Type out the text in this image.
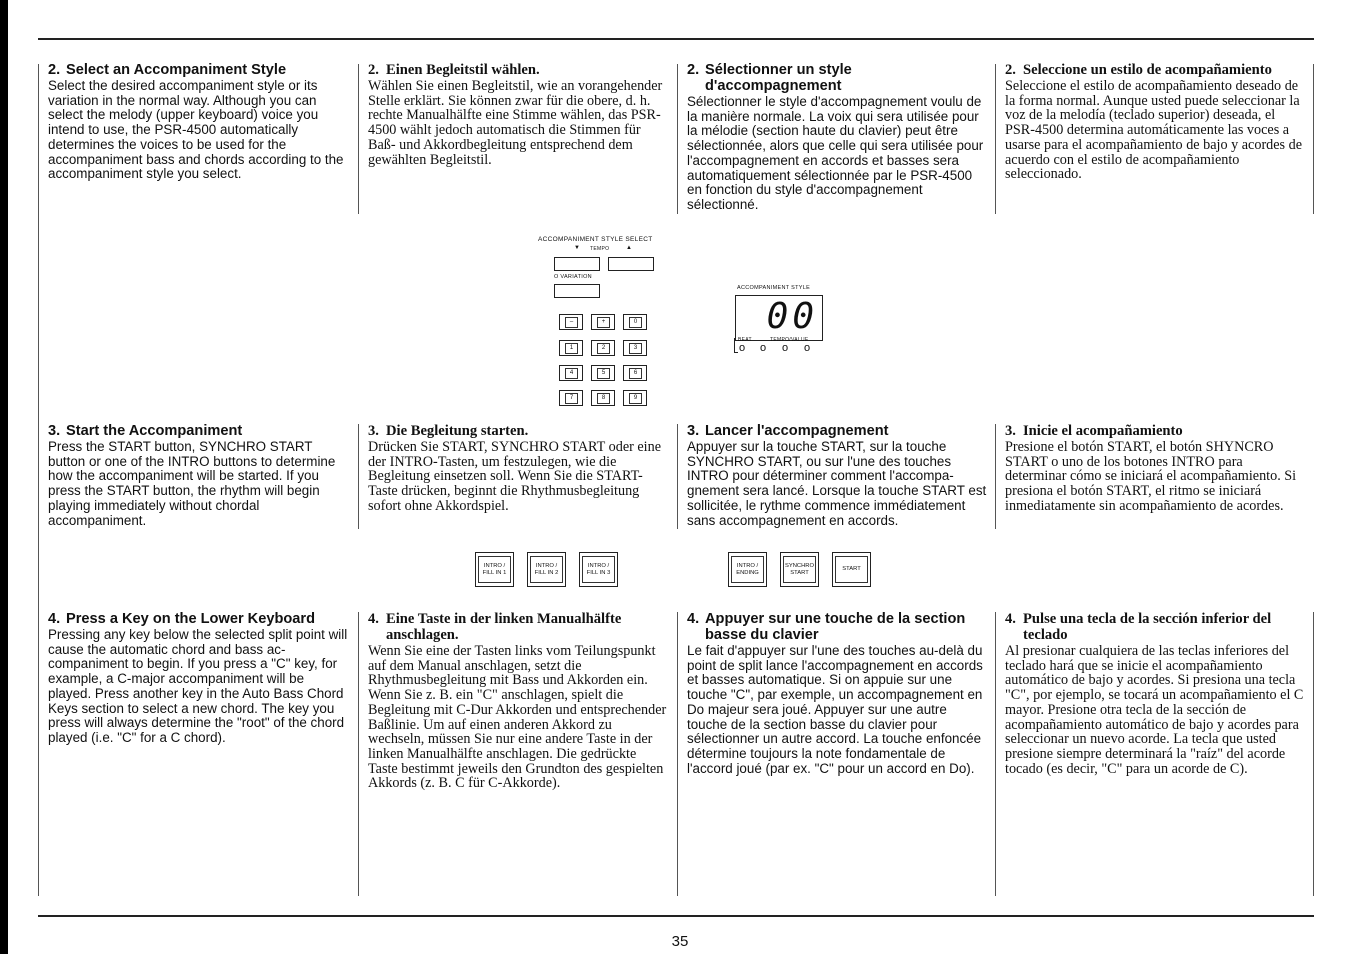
2. Select an Accompaniment Style

Select the desired accompaniment style or its variation in the normal way. Although you can select the melody (upper keyboard) voice you intend to use, the PSR-4500 automatically determines the voices to be used for the accompaniment bass and chords according to the accompaniment style you select.

2. Einen Begleitstil wählen.

Wählen Sie einen Begleitstil, wie an vorangehender Stelle erklärt. Sie können zwar für die obere, d. h. rechte Manualhälfte eine Stimme wählen, das PSR-4500 wählt jedoch automatisch die Stimmen für Baß- und Akkordbegleitung entsprechend dem gewählten Begleitstil.

2. Sélectionner un style
d'accompagnement

Sélectionner le style d'accompagnement voulu de la manière normale. La voix qui sera utilisée pour la mélodie (section haute du clavier) peut être sélectionnée, alors que celle qui sera utilisée pour l'accompagnement en accords et basses sera automatiquement sélectionnée par le PSR-4500 en fonction du style d'accompagnement sélectionné.

2. Seleccione un estilo de acompañamiento

Seleccione el estilo de acompañamiento deseado de la forma normal. Aunque usted puede seleccionar la voz de la melodía (teclado superior) deseada, el PSR-4500 determina automáticamente las voces a usarse para el acompañamiento de bajo y acordes de acuerdo con el estilo de acompañamiento seleccionado.

ACCOMPANIMENT STYLE SELECT
▼ TEMPO	▲
O VARIATION
–	+	0
1	2	3
4	5	6
7	8	9
ACCOMPANIMENT STYLE
00
BEAT	TEMPO/VALUE
o o o o
3. Start the Accompaniment

Press the START button, SYNCHRO START button or one of the INTRO buttons to determine how the accompaniment will be started. If you press the START button, the rhythm will begin playing immediately without chordal accompaniment.

3. Die Begleitung starten.

Drücken Sie START, SYNCHRO START oder eine der INTRO-Tasten, um festzulegen, wie die Begleitung einsetzen soll. Wenn Sie die START-Taste drücken, beginnt die Rhythmusbegleitung sofort ohne Akkordspiel.

3. Lancer l'accompagnement

Appuyer sur la touche START, sur la touche SYNCHRO START, ou sur l'une des touches INTRO pour déterminer comment l'accompagnement sera lancé. Lorsque la touche START est sollicitée, le rythme commence immédiatement sans accompagnement en accords.

3. Inicie el acompañamiento

Presione el botón START, el botón SHYNCRO START o uno de los botones INTRO para determinar cómo se iniciará el acompañamiento. Si presiona el botón START, el ritmo se iniciará inmediatamente sin acompañamiento de acordes.

INTRO / FILL IN 1
INTRO / FILL IN 2
INTRO / FILL IN 3
INTRO / ENDING
SYNCHRO START
START
4. Press a Key on the Lower Keyboard

Pressing any key below the selected split point will cause the automatic chord and bass accompaniment to begin. If you press a "C" key, for example, a C-major accompaniment will be played. Press another key in the Auto Bass Chord Keys section to select a new chord. The key you press will always determine the "root" of the chord played (i.e. "C" for a C chord).

4. Eine Taste in der linken Manualhälfte
anschlagen.

Wenn Sie eine der Tasten links vom Teilungspunkt auf dem Manual anschlagen, setzt die Rhythmusbegleitung mit Bass und Akkorden ein. Wenn Sie z. B. ein "C" anschlagen, spielt die Begleitung mit C-Dur Akkorden und entsprechender Baßlinie. Um auf einen anderen Akkord zu wechseln, müssen Sie nur eine andere Taste in der linken Manualhälfte anschlagen. Die gedrückte Taste bestimmt jeweils den Grundton des gespielten Akkords (z. B. C für C-Akkorde).

4. Appuyer sur une touche de la section
basse du clavier

Le fait d'appuyer sur l'une des touches au-delà du point de split lance l'accompagnement en accords et basses automatique. Si on appuie sur une touche "C", par exemple, un accompagnement en Do majeur sera joué. Appuyer sur une autre touche de la section basse du clavier pour sélectionner un autre accord. La touche enfoncée détermine toujours la note fondamentale de l'accord joué (par ex. "C" pour un accord en Do).

4. Pulse una tecla de la sección inferior del
teclado

Al presionar cualquiera de las teclas inferiores del teclado hará que se inicie el acompañamiento automático de bajo y acordes. Si presiona una tecla "C", por ejemplo, se tocará un acompañamiento el C mayor. Presione otra tecla de la sección de acompañamiento automático de bajo y acordes para seleccionar un nuevo acorde. La tecla que usted presione siempre determinará la "raíz" del acorde tocado (es decir, "C" para un acorde de C).

35
